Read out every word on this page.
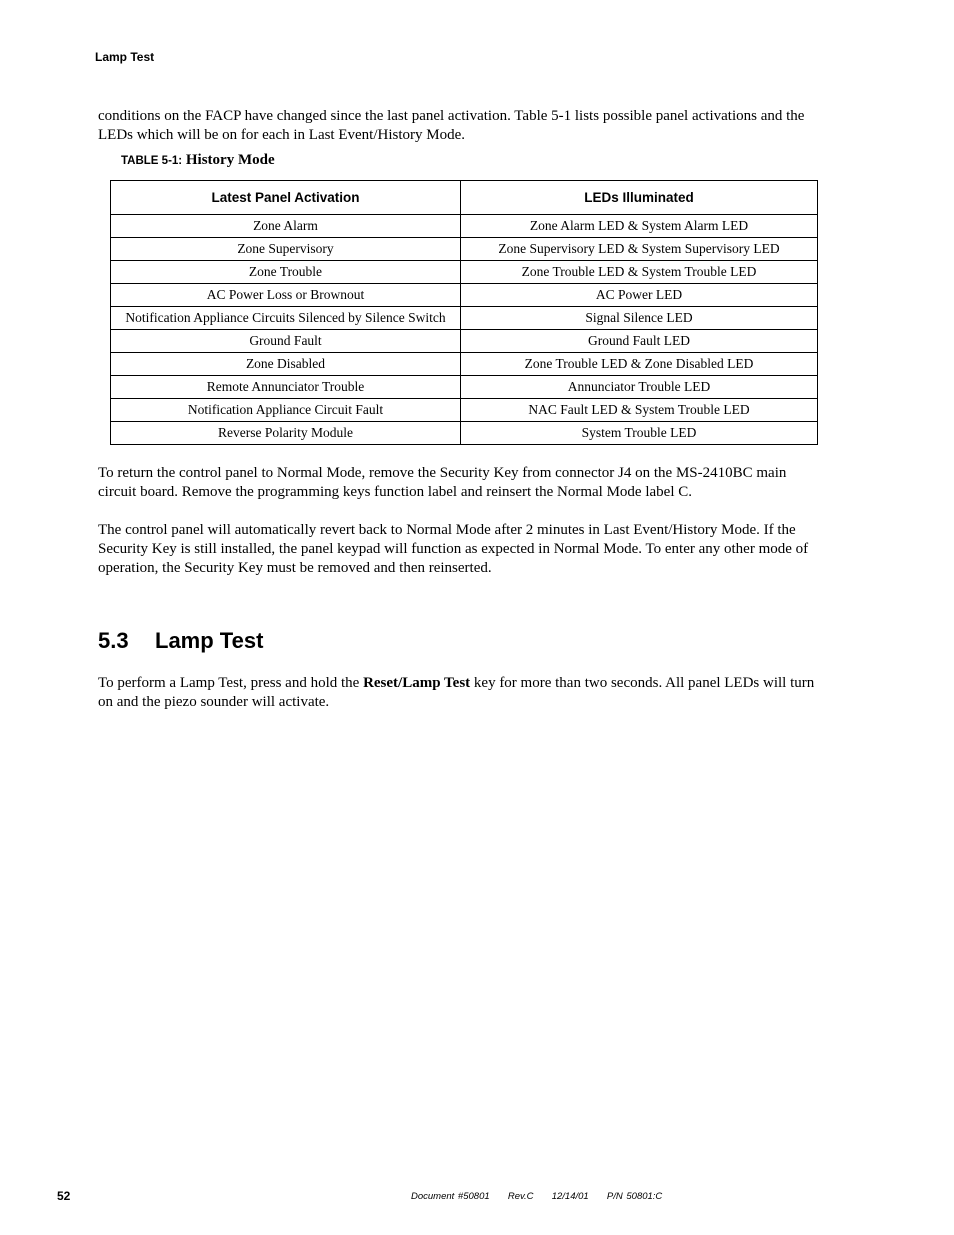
Lamp Test

conditions on the FACP have changed since the last panel activation. Table 5-1 lists possible panel activations and the LEDs which will be on for each in Last Event/History Mode.

TABLE 5-1: History Mode
Latest Panel Activation	LEDs Illuminated
Zone Alarm	Zone Alarm LED & System Alarm LED
Zone Supervisory	Zone Supervisory LED & System Supervisory LED
Zone Trouble	Zone Trouble LED & System Trouble LED
AC Power Loss or Brownout	AC Power LED
Notification Appliance Circuits Silenced by Silence Switch	Signal Silence LED
Ground Fault	Ground Fault LED
Zone Disabled	Zone Trouble LED & Zone Disabled LED
Remote Annunciator Trouble	Annunciator Trouble LED
Notification Appliance Circuit Fault	NAC Fault LED & System Trouble LED
Reverse Polarity Module	System Trouble LED

To return the control panel to Normal Mode, remove the Security Key from connector J4 on the MS-2410BC main circuit board. Remove the programming keys function label and reinsert the Normal Mode label C.

The control panel will automatically revert back to Normal Mode after 2 minutes in Last Event/History Mode. If the Security Key is still installed, the panel keypad will function as expected in Normal Mode. To enter any other mode of operation, the Security Key must be removed and then reinserted.

5.3 Lamp Test

To perform a Lamp Test, press and hold the Reset/Lamp Test key for more than two seconds. All panel LEDs will turn on and the piezo sounder will activate.

52	Document #50801     Rev.C     12/14/01     P/N 50801:C
